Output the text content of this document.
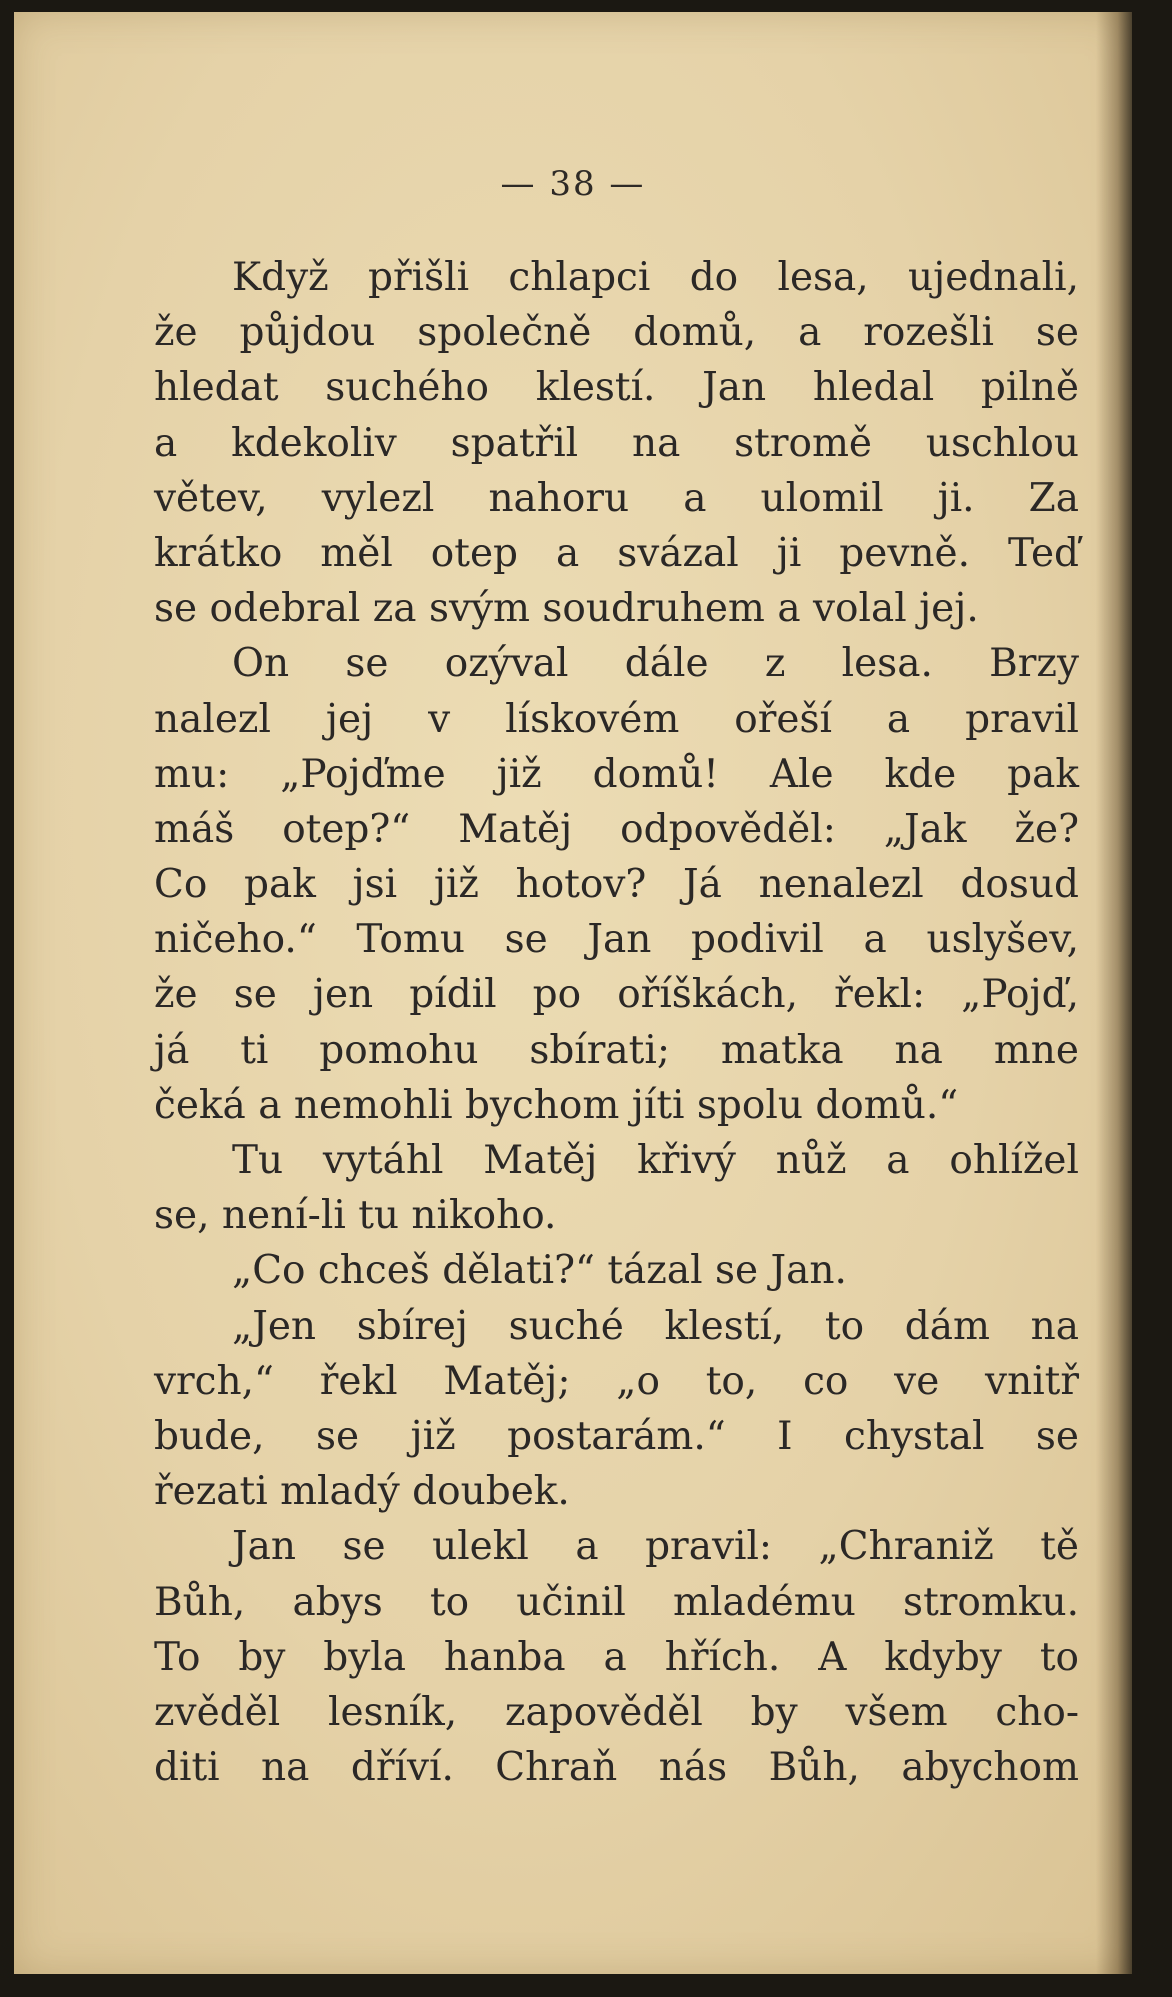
— 38 —
Když přišli chlapci do lesa, ujednali,
že půjdou společně domů, a rozešli se
hledat suchého klestí. Jan hledal pilně
a kdekoliv spatřil na stromě uschlou
větev, vylezl nahoru a ulomil ji. Za
krátko měl otep a svázal ji pevně. Teď
se odebral za svým soudruhem a volal jej.
On se ozýval dále z lesa. Brzy
nalezl jej v lískovém ořeší a pravil
mu: „Pojďme již domů! Ale kde pak
máš otep?“ Matěj odpověděl: „Jak že?
Co pak jsi již hotov? Já nenalezl dosud
ničeho.“ Tomu se Jan podivil a uslyšev,
že se jen pídil po oříškách, řekl: „Pojď,
já ti pomohu sbírati; matka na mne
čeká a nemohli bychom jíti spolu domů.“
Tu vytáhl Matěj křivý nůž a ohlížel
se, není-li tu nikoho.
„Co chceš dělati?“ tázal se Jan.
„Jen sbírej suché klestí, to dám na
vrch,“ řekl Matěj; „o to, co ve vnitř
bude, se již postarám.“ I chystal se
řezati mladý doubek.
Jan se ulekl a pravil: „Chraniž tě
Bůh, abys to učinil mladému stromku.
To by byla hanba a hřích. A kdyby to
zvěděl lesník, zapověděl by všem cho-
diti na dříví. Chraň nás Bůh, abychom
